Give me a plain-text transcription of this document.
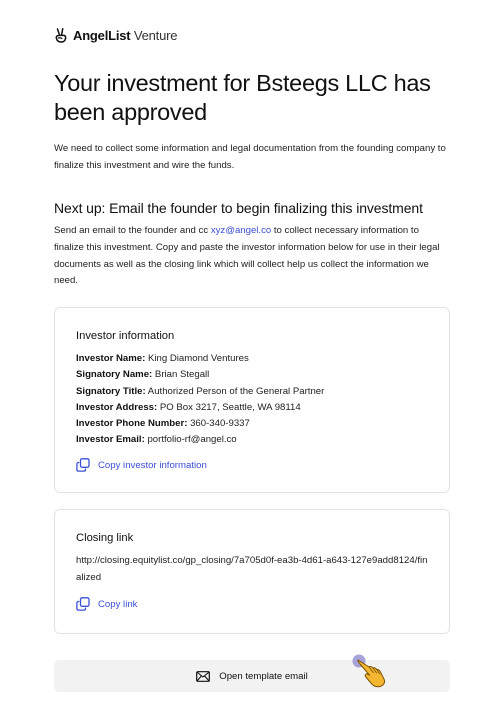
AngelList Venture
Your investment for Bsteegs LLC has been approved

We need to collect some information and legal documentation from the founding company to finalize this investment and wire the funds.

Next up: Email the founder to begin finalizing this investment

Send an email to the founder and cc xyz@angel.co to collect necessary information to finalize this investment. Copy and paste the investor information below for use in their legal documents as well as the closing link which will collect help us collect the information we need.

Investor information
Investor Name: King Diamond Ventures
Signatory Name: Brian Stegall
Signatory Title: Authorized Person of the General Partner
Investor Address: PO Box 3217, Seattle, WA 98114
Investor Phone Number: 360-340-9337
Investor Email: portfolio-rf@angel.co
Copy investor information
Closing link
http://closing.equitylist.co/gp_closing/7a705d0f-ea3b-4d61-a643-127e9add8124/finalized
Copy link
Open template email
